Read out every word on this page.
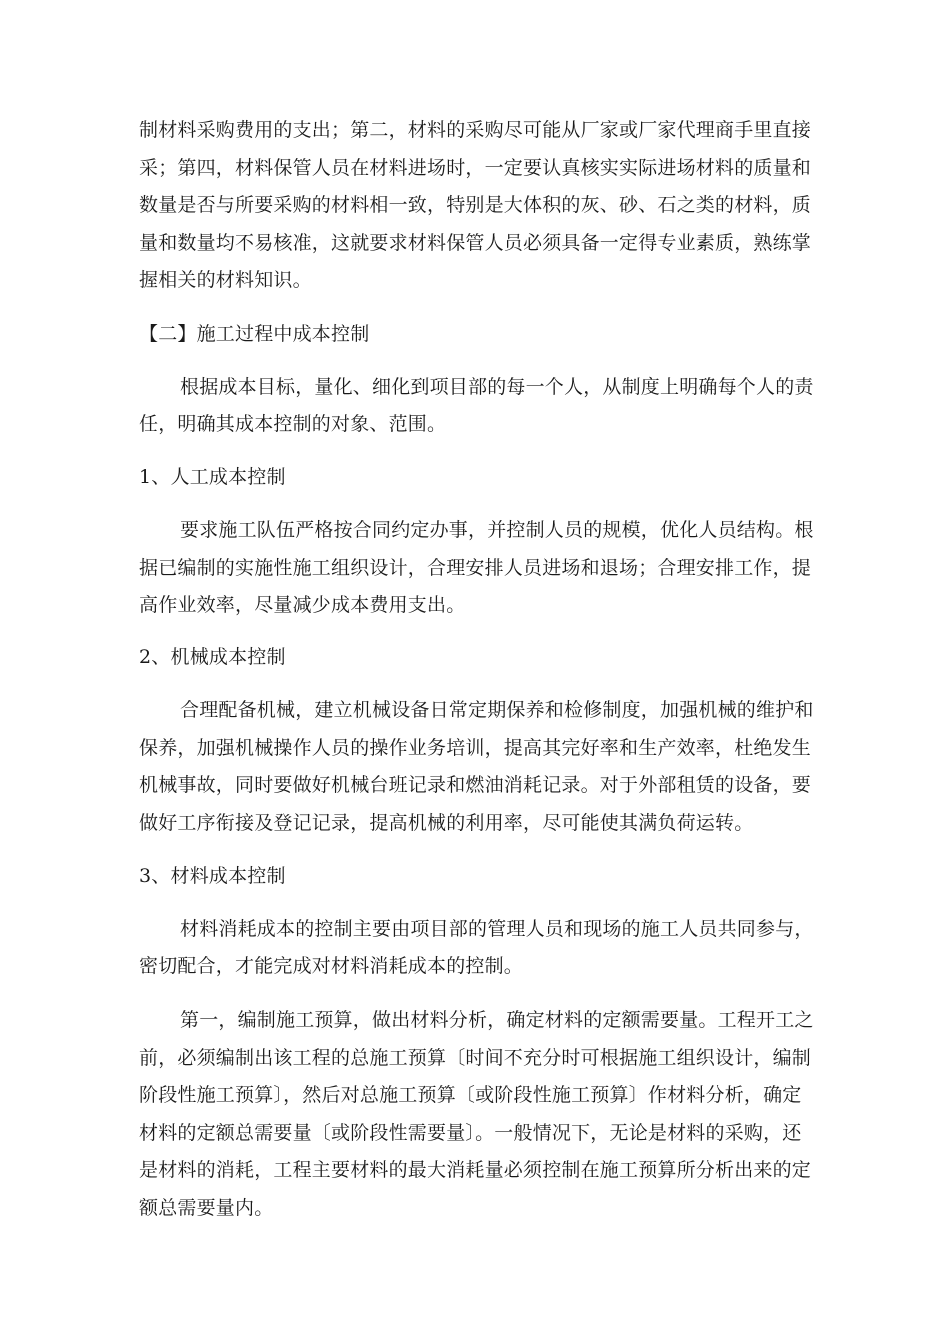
制材料采购费用的支出；第二，材料的采购尽可能从厂家或厂家代理商手里直接
采；第四，材料保管人员在材料进场时，一定要认真核实实际进场材料的质量和
数量是否与所要采购的材料相一致，特别是大体积的灰、砂、石之类的材料，质
量和数量均不易核准，这就要求材料保管人员必须具备一定得专业素质，熟练掌
握相关的材料知识。
【二】施工过程中成本控制
根据成本目标，量化、细化到项目部的每一个人，从制度上明确每个人的责
任，明确其成本控制的对象、范围。
1、人工成本控制
要求施工队伍严格按合同约定办事，并控制人员的规模，优化人员结构。根
据已编制的实施性施工组织设计，合理安排人员进场和退场；合理安排工作，提
高作业效率，尽量减少成本费用支出。
2、机械成本控制
合理配备机械，建立机械设备日常定期保养和检修制度，加强机械的维护和
保养，加强机械操作人员的操作业务培训，提高其完好率和生产效率，杜绝发生
机械事故，同时要做好机械台班记录和燃油消耗记录。对于外部租赁的设备，要
做好工序衔接及登记记录，提高机械的利用率，尽可能使其满负荷运转。
3、材料成本控制
材料消耗成本的控制主要由项目部的管理人员和现场的施工人员共同参与，
密切配合，才能完成对材料消耗成本的控制。
第一，编制施工预算，做出材料分析，确定材料的定额需要量。工程开工之
前，必须编制出该工程的总施工预算〔时间不充分时可根据施工组织设计，编制
阶段性施工预算〕，然后对总施工预算〔或阶段性施工预算〕作材料分析，确定
材料的定额总需要量〔或阶段性需要量〕。一般情况下，无论是材料的采购，还
是材料的消耗，工程主要材料的最大消耗量必须控制在施工预算所分析出来的定
额总需要量内。
